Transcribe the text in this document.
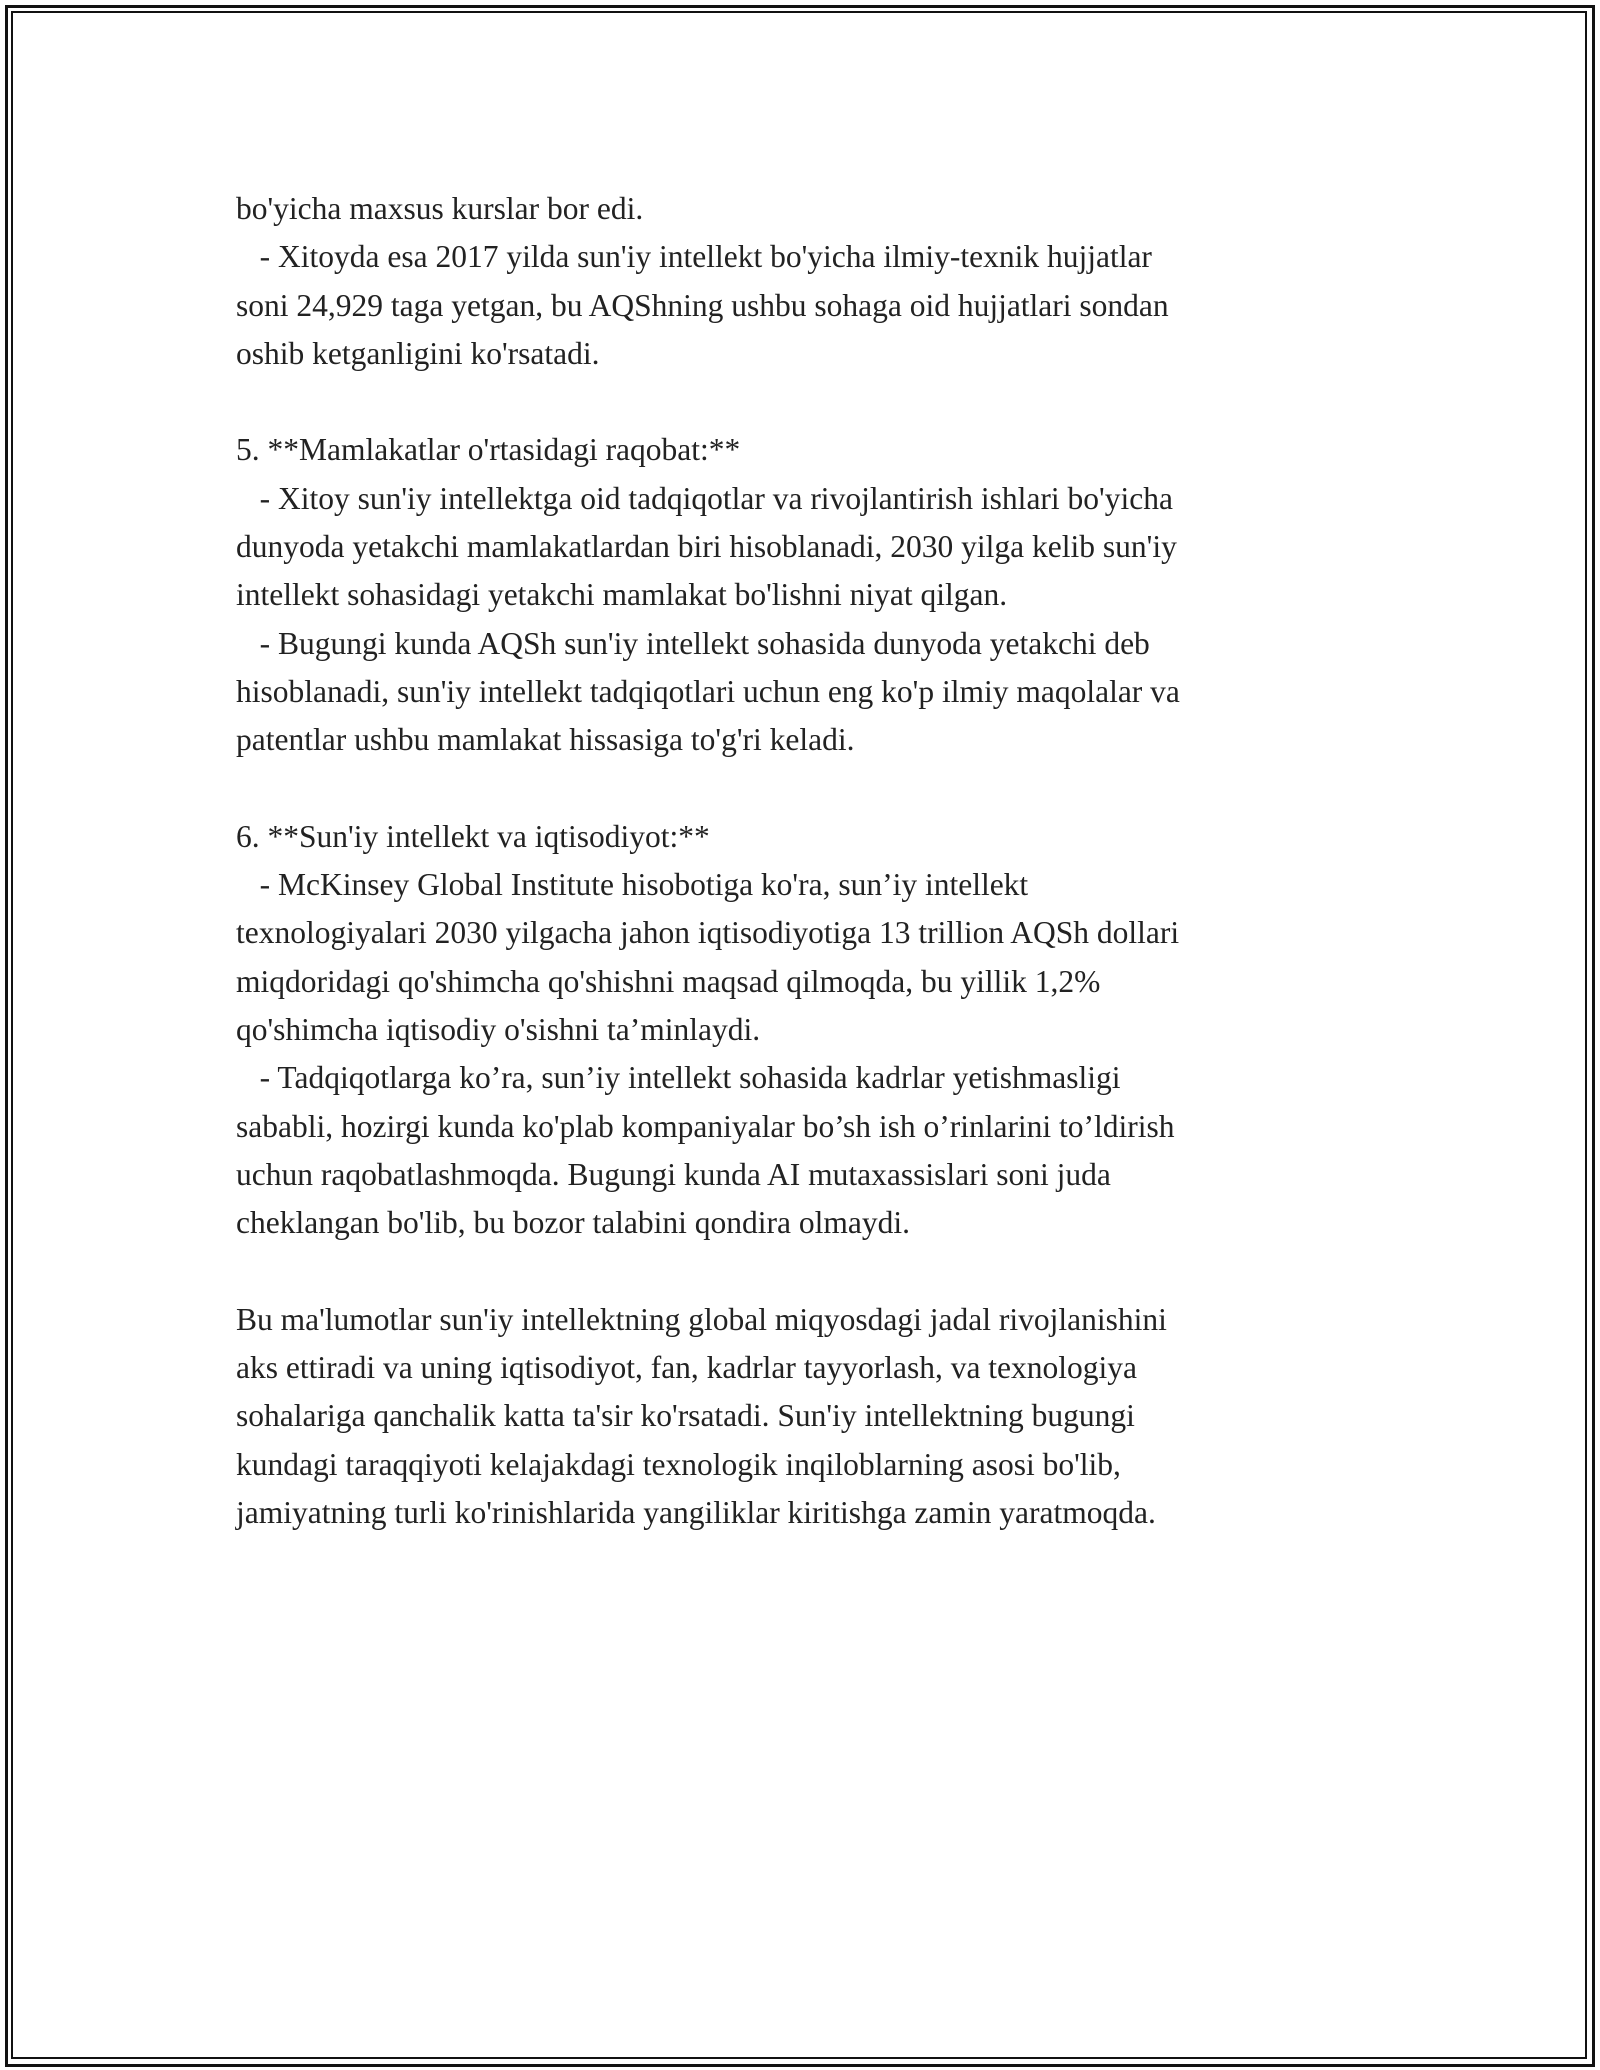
bo'yicha maxsus kurslar bor edi.
- Xitoyda esa 2017 yilda sun'iy intellekt bo'yicha ilmiy-texnik hujjatlar
soni 24,929 taga yetgan, bu AQShning ushbu sohaga oid hujjatlari sondan
oshib ketganligini ko'rsatadi.
5. **Mamlakatlar o'rtasidagi raqobat:**
- Xitoy sun'iy intellektga oid tadqiqotlar va rivojlantirish ishlari bo'yicha
dunyoda yetakchi mamlakatlardan biri hisoblanadi, 2030 yilga kelib sun'iy
intellekt sohasidagi yetakchi mamlakat bo'lishni niyat qilgan.
- Bugungi kunda AQSh sun'iy intellekt sohasida dunyoda yetakchi deb
hisoblanadi, sun'iy intellekt tadqiqotlari uchun eng ko'p ilmiy maqolalar va
patentlar ushbu mamlakat hissasiga to'g'ri keladi.
6. **Sun'iy intellekt va iqtisodiyot:**
- McKinsey Global Institute hisobotiga ko'ra, sun’iy intellekt
texnologiyalari 2030 yilgacha jahon iqtisodiyotiga 13 trillion AQSh dollari
miqdoridagi qo'shimcha qo'shishni maqsad qilmoqda, bu yillik 1,2%
qo'shimcha iqtisodiy o'sishni ta’minlaydi.
- Tadqiqotlarga ko’ra, sun’iy intellekt sohasida kadrlar yetishmasligi
sababli, hozirgi kunda ko'plab kompaniyalar bo’sh ish o’rinlarini to’ldirish
uchun raqobatlashmoqda. Bugungi kunda AI mutaxassislari soni juda
cheklangan bo'lib, bu bozor talabini qondira olmaydi.
Bu ma'lumotlar sun'iy intellektning global miqyosdagi jadal rivojlanishini
aks ettiradi va uning iqtisodiyot, fan, kadrlar tayyorlash, va texnologiya
sohalariga qanchalik katta ta'sir ko'rsatadi. Sun'iy intellektning bugungi
kundagi taraqqiyoti kelajakdagi texnologik inqiloblarning asosi bo'lib,
jamiyatning turli ko'rinishlarida yangiliklar kiritishga zamin yaratmoqda.
